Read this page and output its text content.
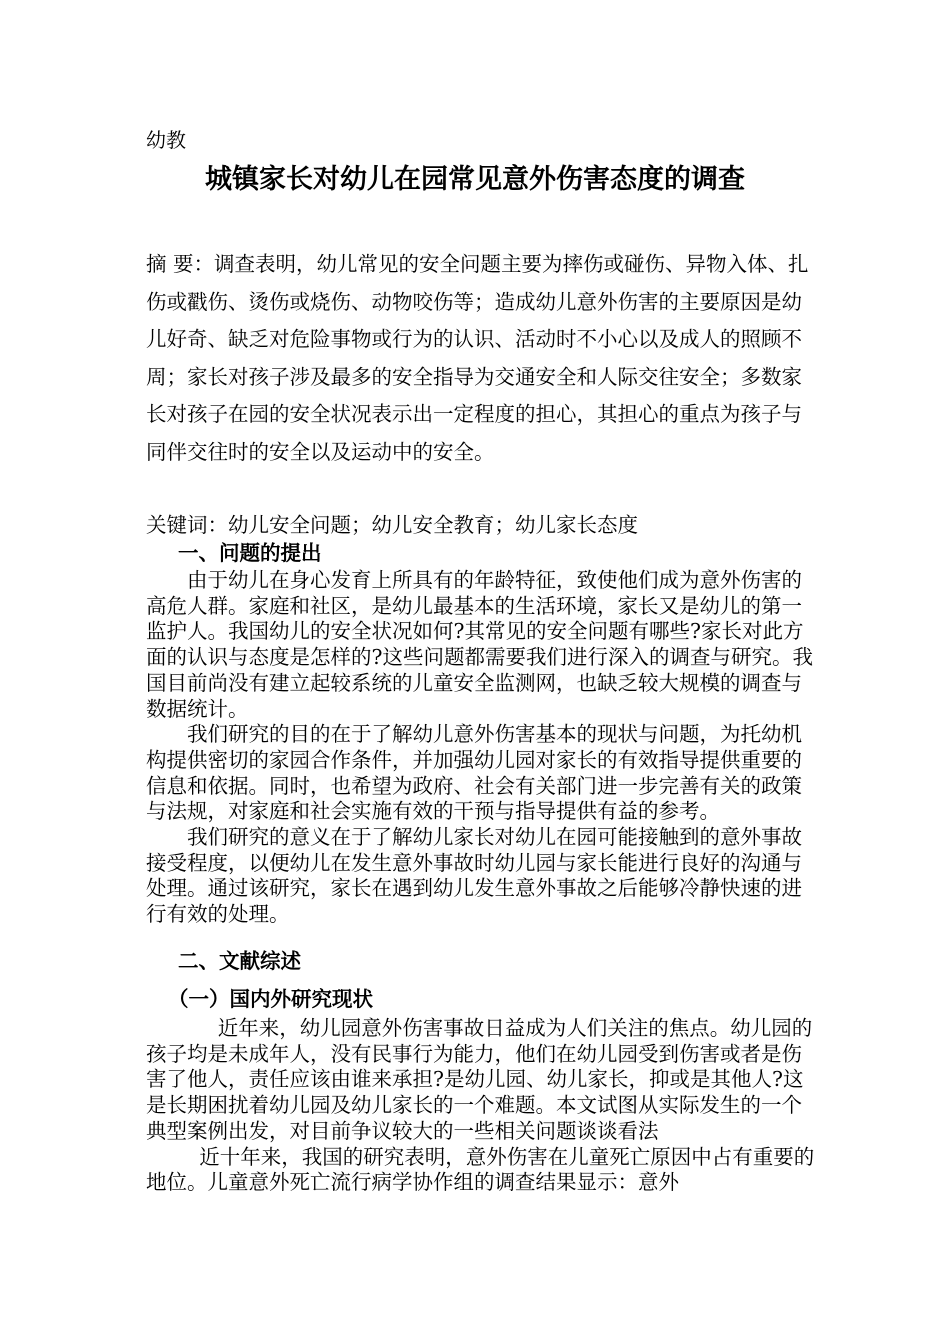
幼教
城镇家长对幼儿在园常见意外伤害态度的调查
摘 要：调查表明，幼儿常见的安全问题主要为摔伤或碰伤、异物入体、扎伤或戳伤、烫伤或烧伤、动物咬伤等；造成幼儿意外伤害的主要原因是幼儿好奇、缺乏对危险事物或行为的认识、活动时不小心以及成人的照顾不周；家长对孩子涉及最多的安全指导为交通安全和人际交往安全；多数家长对孩子在园的安全状况表示出一定程度的担心，其担心的重点为孩子与同伴交往时的安全以及运动中的安全。
关键词：幼儿安全问题；幼儿安全教育；幼儿家长态度
一、问题的提出

由于幼儿在身心发育上所具有的年龄特征，致使他们成为意外伤害的高危人群。家庭和社区，是幼儿最基本的生活环境，家长又是幼儿的第一监护人。我国幼儿的安全状况如何?其常见的安全问题有哪些?家长对此方面的认识与态度是怎样的?这些问题都需要我们进行深入的调查与研究。我国目前尚没有建立起较系统的儿童安全监测网，也缺乏较大规模的调查与数据统计。

我们研究的目的在于了解幼儿意外伤害基本的现状与问题，为托幼机构提供密切的家园合作条件，并加强幼儿园对家长的有效指导提供重要的信息和依据。同时，也希望为政府、社会有关部门进一步完善有关的政策与法规，对家庭和社会实施有效的干预与指导提供有益的参考。

我们研究的意义在于了解幼儿家长对幼儿在园可能接触到的意外事故接受程度，以便幼儿在发生意外事故时幼儿园与家长能进行良好的沟通与处理。通过该研究，家长在遇到幼儿发生意外事故之后能够冷静快速的进行有效的处理。

二、文献综述
（一）国内外研究现状

近年来，幼儿园意外伤害事故日益成为人们关注的焦点。幼儿园的孩子均是未成年人，没有民事行为能力，他们在幼儿园受到伤害或者是伤害了他人，责任应该由谁来承担?是幼儿园、幼儿家长，抑或是其他人?这是长期困扰着幼儿园及幼儿家长的一个难题。本文试图从实际发生的一个典型案例出发，对目前争议较大的一些相关问题谈谈看法

近十年来，我国的研究表明，意外伤害在儿童死亡原因中占有重要的地位。儿童意外死亡流行病学协作组的调查结果显示：意外
